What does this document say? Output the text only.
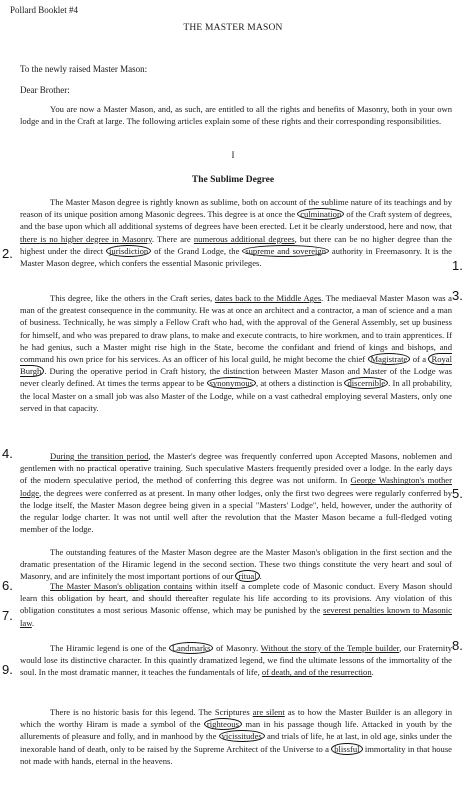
Pollard Booklet #4
THE MASTER MASON
To the newly raised Master Mason:
Dear Brother:

You are now a Master Mason, and, as such, are entitled to all the rights and benefits of Masonry, both in your own lodge and in the Craft at large. The following articles explain some of these rights and their corresponding responsibilities.

I
The Sublime Degree

The Master Mason degree is rightly known as sublime, both on account of the sublime nature of its teachings and by reason of its unique position among Masonic degrees. This degree is at once the culmination of the Craft system of degrees, and the base upon which all additional systems of degrees have been erected. Let it be clearly understood, here and now, that there is no higher degree in Masonry. There are numerous additional degrees, but there can be no higher degree than the highest under the direct jurisdiction of the Grand Lodge, the supreme and sovereign authority in Freemasonry. It is the Master Mason degree, which confers the essential Masonic privileges.

This degree, like the others in the Craft series, dates back to the Middle Ages. The mediaeval Master Mason was a man of the greatest consequence in the community. He was at once an architect and a contractor, a man of science and a man of business. Technically, he was simply a Fellow Craft who had, with the approval of the General Assembly, set up business for himself, and who was prepared to draw plans, to make and execute contracts, to hire workmen, and to train apprentices. If he had genius, such a Master might rise high in the State, become the confidant and friend of kings and bishops, and command his own price for his services. As an officer of his local guild, he might become the chief Magistrate of a Royal Burgh . During the operative period in Craft history, the distinction between Master Mason and Master of the Lodge was never clearly defined. At times the terms appear to be synonymous , at others a distinction is discernible . In all probability, the local Master on a small job was also Master of the Lodge, while on a vast cathedral employing several Masters, only one served in that capacity.

During the transition period, the Master's degree was frequently conferred upon Accepted Masons, noblemen and gentlemen with no practical operative training. Such speculative Masters frequently presided over a lodge. In the early days of the modern speculative period, the method of conferring this degree was not uniform. In George Washington's mother lodge, the degrees were conferred as at present. In many other lodges, only the first two degrees were regularly conferred by the lodge itself, the Master Mason degree being given in a special "Masters' Lodge", held, however, under the authority of the regular lodge charter. It was not until well after the revolution that the Master Mason became a full-fledged voting member of the lodge.

The outstanding features of the Master Mason degree are the Master Mason's obligation in the first section and the dramatic presentation of the Hiramic legend in the second section. These two things constitute the very heart and soul of Masonry, and are infinitely the most important portions of our ritual .

The Master Mason's obligation contains within itself a complete code of Masonic conduct. Every Mason should learn this obligation by heart, and should thereafter regulate his life according to its provisions. Any violation of this obligation constitutes a most serious Masonic offense, which may be punished by the severest penalties known to Masonic law.

The Hiramic legend is one of the Landmarks of Masonry. Without the story of the Temple builder, our Fraternity would lose its distinctive character. In this quaintly dramatized legend, we find the ultimate lessons of the immortality of the soul. In the most dramatic manner, it teaches the fundamentals of life, of death, and of the resurrection.

There is no historic basis for this legend. The Scriptures are silent as to how the Master Builder is an allegory in which the worthy Hiram is made a symbol of the righteous man in his passage though life. Attacked in youth by the allurements of pleasure and folly, and in manhood by the vicissitudes and trials of life, he at last, in old age, sinks under the inexorable hand of death, only to be raised by the Supreme Architect of the Universe to a blissful immortality in that house not made with hands, eternal in the heavens.

1.
2.
3.
4.
5.
6.
7.
8.
9.
